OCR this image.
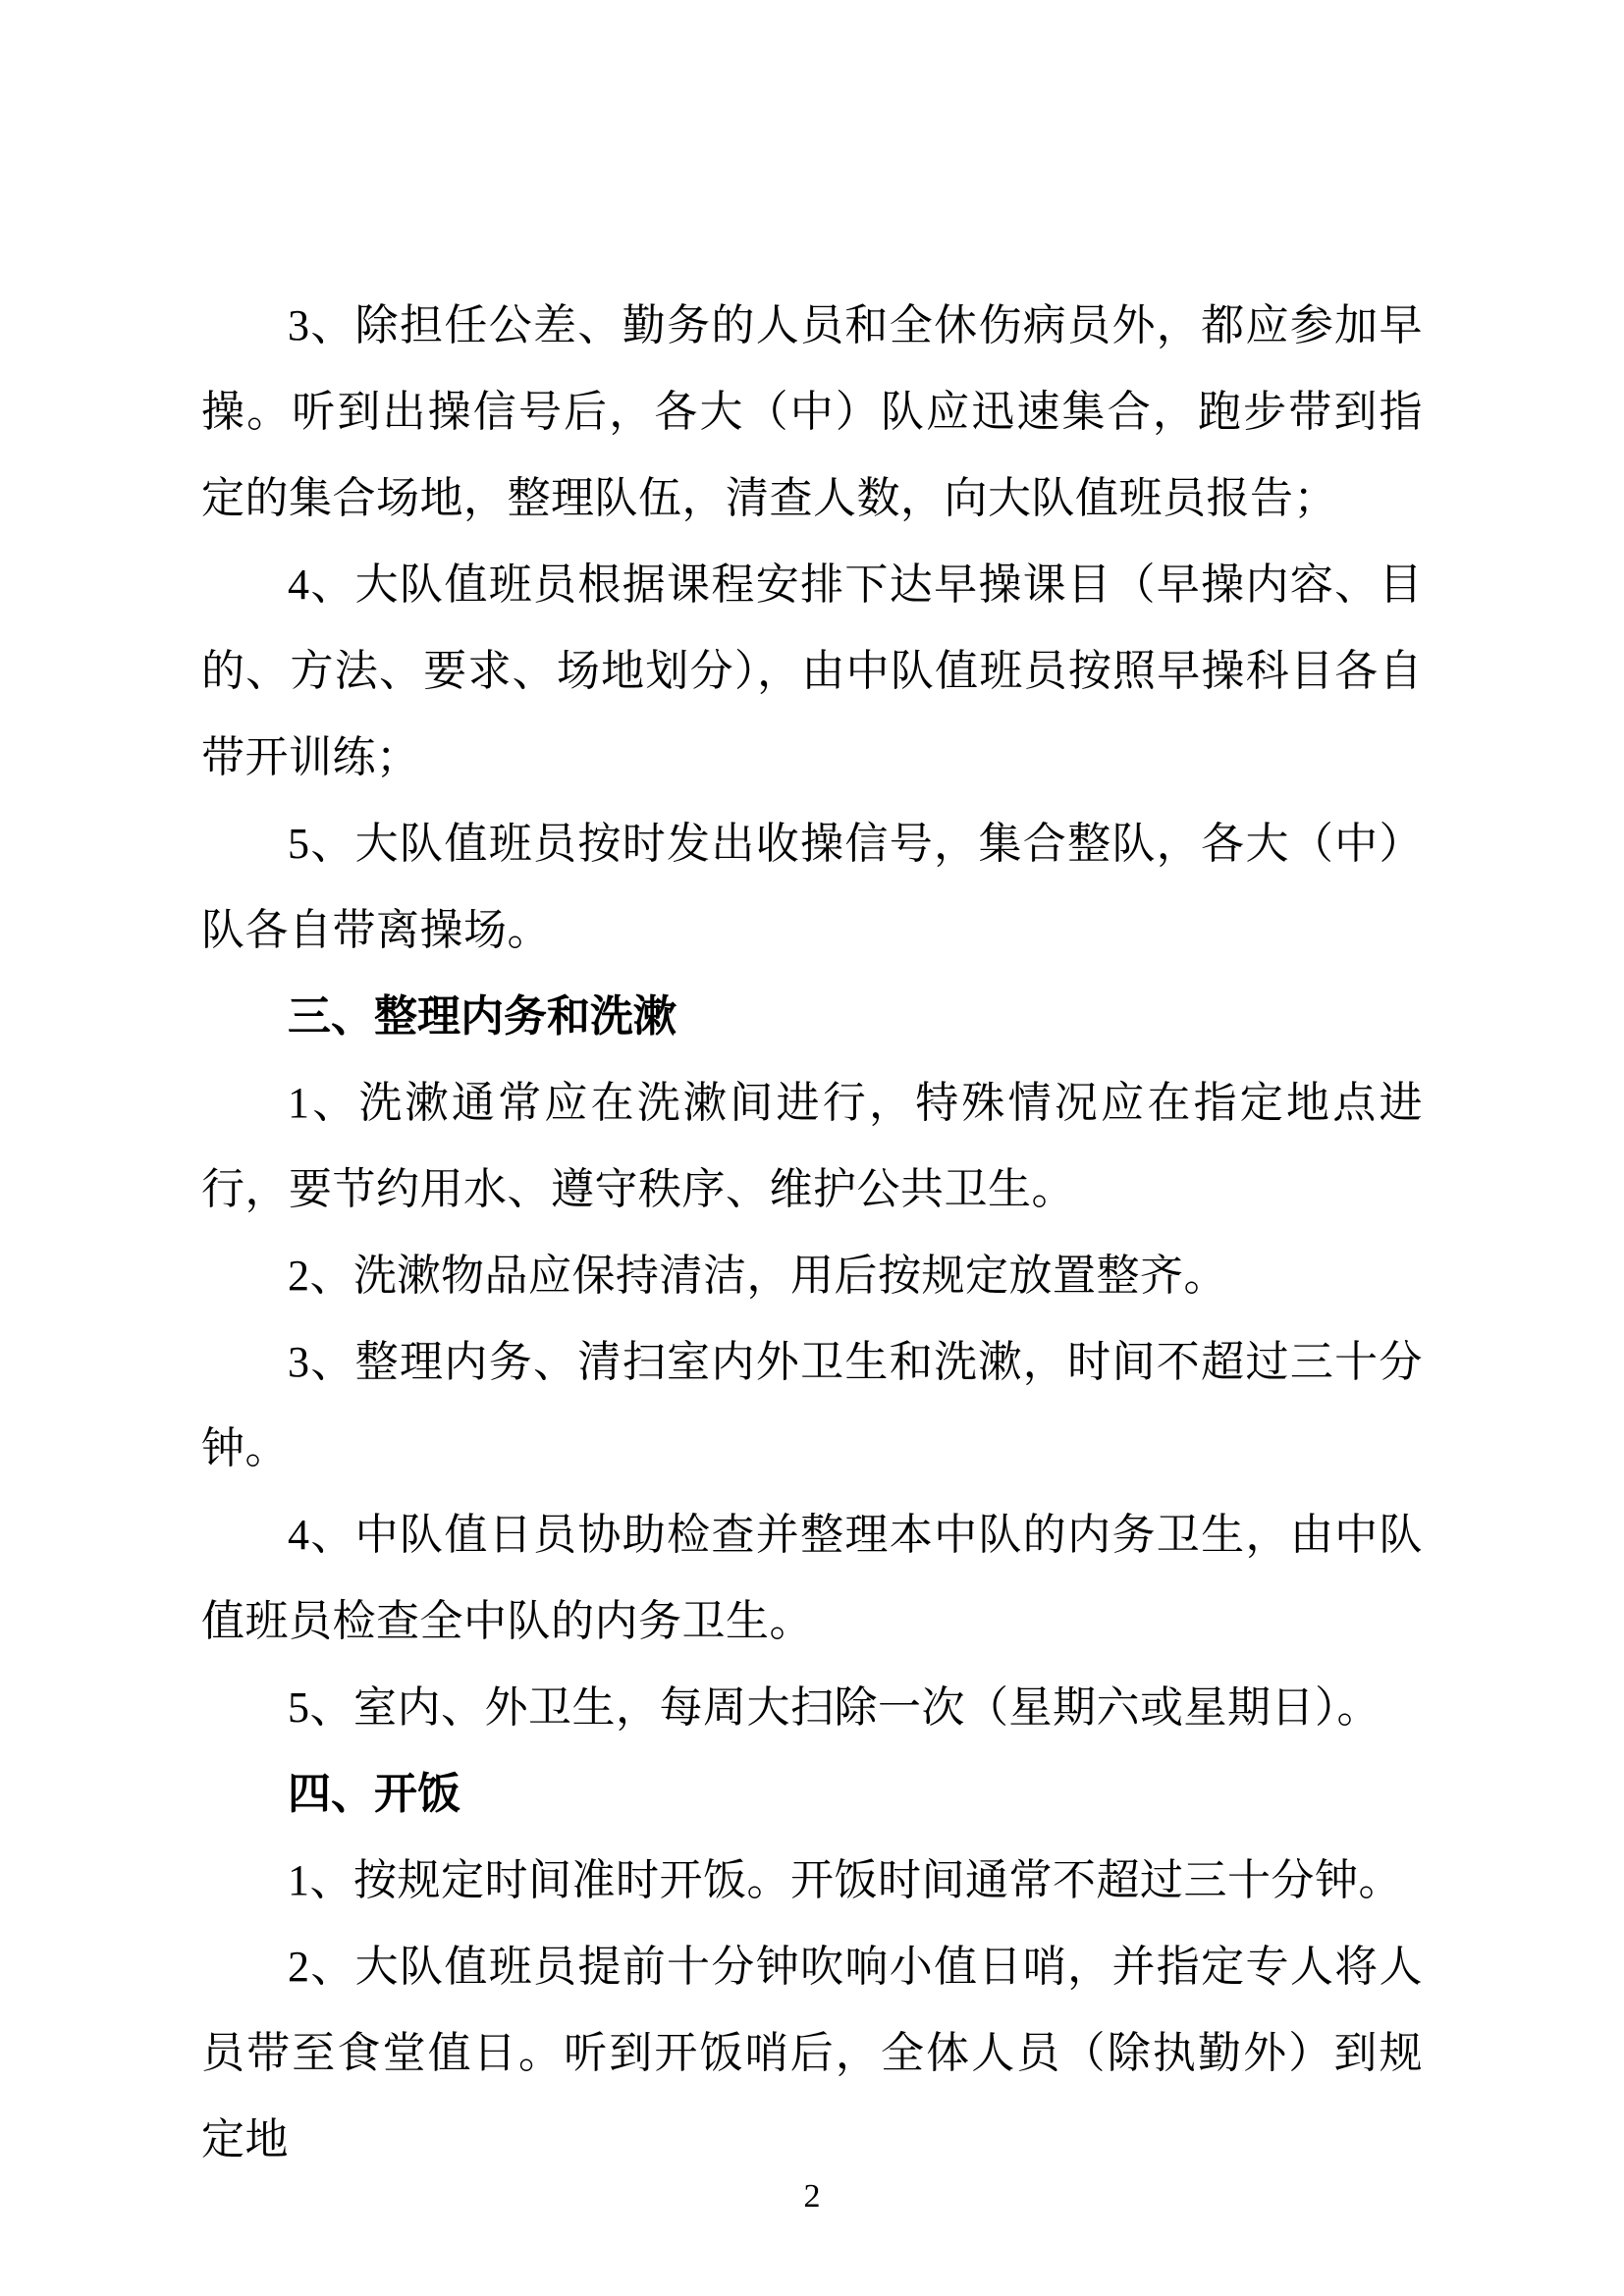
3、除担任公差、勤务的人员和全休伤病员外，都应参加早操。听到出操信号后，各大（中）队应迅速集合，跑步带到指定的集合场地，整理队伍，清查人数，向大队值班员报告；

4、大队值班员根据课程安排下达早操课目（早操内容、目的、方法、要求、场地划分），由中队值班员按照早操科目各自带开训练；

5、大队值班员按时发出收操信号，集合整队，各大（中）队各自带离操场。

三、整理内务和洗漱

1、洗漱通常应在洗漱间进行，特殊情况应在指定地点进行，要节约用水、遵守秩序、维护公共卫生。

2、洗漱物品应保持清洁，用后按规定放置整齐。

3、整理内务、清扫室内外卫生和洗漱，时间不超过三十分钟。

4、中队值日员协助检查并整理本中队的内务卫生，由中队值班员检查全中队的内务卫生。

5、室内、外卫生，每周大扫除一次（星期六或星期日）。

四、开饭

1、按规定时间准时开饭。开饭时间通常不超过三十分钟。

2、大队值班员提前十分钟吹响小值日哨，并指定专人将人员带至食堂值日。听到开饭哨后，全体人员（除执勤外）到规定地

2
